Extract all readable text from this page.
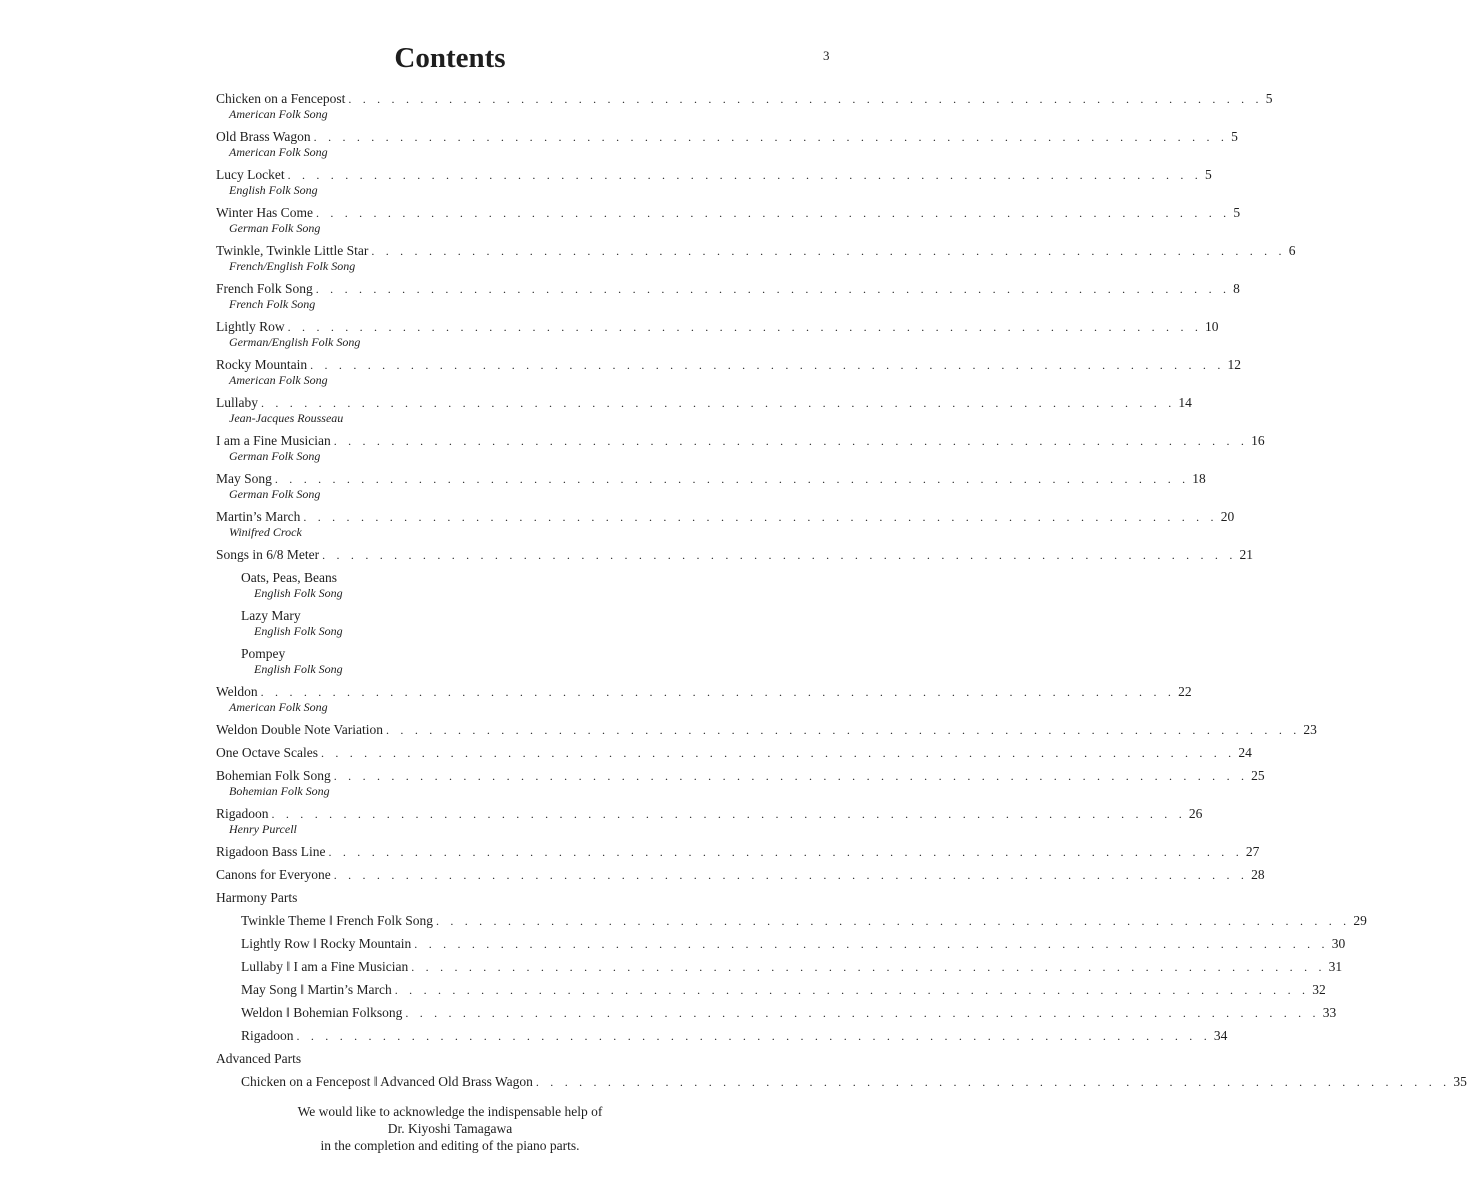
3
Contents
Chicken on a Fencepost . . . . . . . . . . . . . . . . . . . . . . . . . . . . . . . . . . . . . . . . . . . . . . . . . . . . . . . . . . . . . . . . 5
American Folk Song
Old Brass Wagon . . . . . . . . . . . . . . . . . . . . . . . . . . . . . . . . . . . . . . . . . . . . . . . . . . . . . . . . . . . . . . . . 5
American Folk Song
Lucy Locket . . . . . . . . . . . . . . . . . . . . . . . . . . . . . . . . . . . . . . . . . . . . . . . . . . . . . . . . . . . . . . . . 5
English Folk Song
Winter Has Come . . . . . . . . . . . . . . . . . . . . . . . . . . . . . . . . . . . . . . . . . . . . . . . . . . . . . . . . . . . . . . . . 5
German Folk Song
Twinkle, Twinkle Little Star . . . . . . . . . . . . . . . . . . . . . . . . . . . . . . . . . . . . . . . . . . . . . . . . . . . . . . . . . . . . . . . . 6
French/English Folk Song
French Folk Song . . . . . . . . . . . . . . . . . . . . . . . . . . . . . . . . . . . . . . . . . . . . . . . . . . . . . . . . . . . . . . . . 8
French Folk Song
Lightly Row . . . . . . . . . . . . . . . . . . . . . . . . . . . . . . . . . . . . . . . . . . . . . . . . . . . . . . . . . . . . . . . . 10
German/English Folk Song
Rocky Mountain . . . . . . . . . . . . . . . . . . . . . . . . . . . . . . . . . . . . . . . . . . . . . . . . . . . . . . . . . . . . . . . . 12
American Folk Song
Lullaby . . . . . . . . . . . . . . . . . . . . . . . . . . . . . . . . . . . . . . . . . . . . . . . . . . . . . . . . . . . . . . . . 14
Jean-Jacques Rousseau
I am a Fine Musician . . . . . . . . . . . . . . . . . . . . . . . . . . . . . . . . . . . . . . . . . . . . . . . . . . . . . . . . . . . . . . . . 16
German Folk Song
May Song . . . . . . . . . . . . . . . . . . . . . . . . . . . . . . . . . . . . . . . . . . . . . . . . . . . . . . . . . . . . . . . . 18
German Folk Song
Martin’s March . . . . . . . . . . . . . . . . . . . . . . . . . . . . . . . . . . . . . . . . . . . . . . . . . . . . . . . . . . . . . . . . 20
Winifred Crock
Songs in 6/8 Meter . . . . . . . . . . . . . . . . . . . . . . . . . . . . . . . . . . . . . . . . . . . . . . . . . . . . . . . . . . . . . . . . 21
Oats, Peas, Beans
English Folk Song
Lazy Mary
English Folk Song
Pompey
English Folk Song
Weldon . . . . . . . . . . . . . . . . . . . . . . . . . . . . . . . . . . . . . . . . . . . . . . . . . . . . . . . . . . . . . . . . 22
American Folk Song
Weldon Double Note Variation . . . . . . . . . . . . . . . . . . . . . . . . . . . . . . . . . . . . . . . . . . . . . . . . . . . . . . . . . . . . . . . . 23
One Octave Scales . . . . . . . . . . . . . . . . . . . . . . . . . . . . . . . . . . . . . . . . . . . . . . . . . . . . . . . . . . . . . . . . 24
Bohemian Folk Song . . . . . . . . . . . . . . . . . . . . . . . . . . . . . . . . . . . . . . . . . . . . . . . . . . . . . . . . . . . . . . . . 25
Bohemian Folk Song
Rigadoon . . . . . . . . . . . . . . . . . . . . . . . . . . . . . . . . . . . . . . . . . . . . . . . . . . . . . . . . . . . . . . . . 26
Henry Purcell
Rigadoon Bass Line . . . . . . . . . . . . . . . . . . . . . . . . . . . . . . . . . . . . . . . . . . . . . . . . . . . . . . . . . . . . . . . . 27
Canons for Everyone . . . . . . . . . . . . . . . . . . . . . . . . . . . . . . . . . . . . . . . . . . . . . . . . . . . . . . . . . . . . . . . . 28
Harmony Parts
Twinkle Theme ‖ French Folk Song . . . . . . . . . . . . . . . . . . . . . . . . . . . . . . . . . . . . . . . . . . . . . . . . . . . . . . . . . . . . . . . . 29
Lightly Row ‖ Rocky Mountain . . . . . . . . . . . . . . . . . . . . . . . . . . . . . . . . . . . . . . . . . . . . . . . . . . . . . . . . . . . . . . . . 30
Lullaby ‖ I am a Fine Musician . . . . . . . . . . . . . . . . . . . . . . . . . . . . . . . . . . . . . . . . . . . . . . . . . . . . . . . . . . . . . . . . 31
May Song ‖ Martin’s March . . . . . . . . . . . . . . . . . . . . . . . . . . . . . . . . . . . . . . . . . . . . . . . . . . . . . . . . . . . . . . . . 32
Weldon ‖ Bohemian Folksong . . . . . . . . . . . . . . . . . . . . . . . . . . . . . . . . . . . . . . . . . . . . . . . . . . . . . . . . . . . . . . . . 33
Rigadoon . . . . . . . . . . . . . . . . . . . . . . . . . . . . . . . . . . . . . . . . . . . . . . . . . . . . . . . . . . . . . . . . 34
Advanced Parts
Chicken on a Fencepost ‖ Advanced Old Brass Wagon . . . . . . . . . . . . . . . . . . . . . . . . . . . . . . . . . . . . . . . . . . . . . . . . . . . . . . . . . . . . . . . . 35
We would like to acknowledge the indispensable help of
Dr. Kiyoshi Tamagawa
in the completion and editing of the piano parts.
